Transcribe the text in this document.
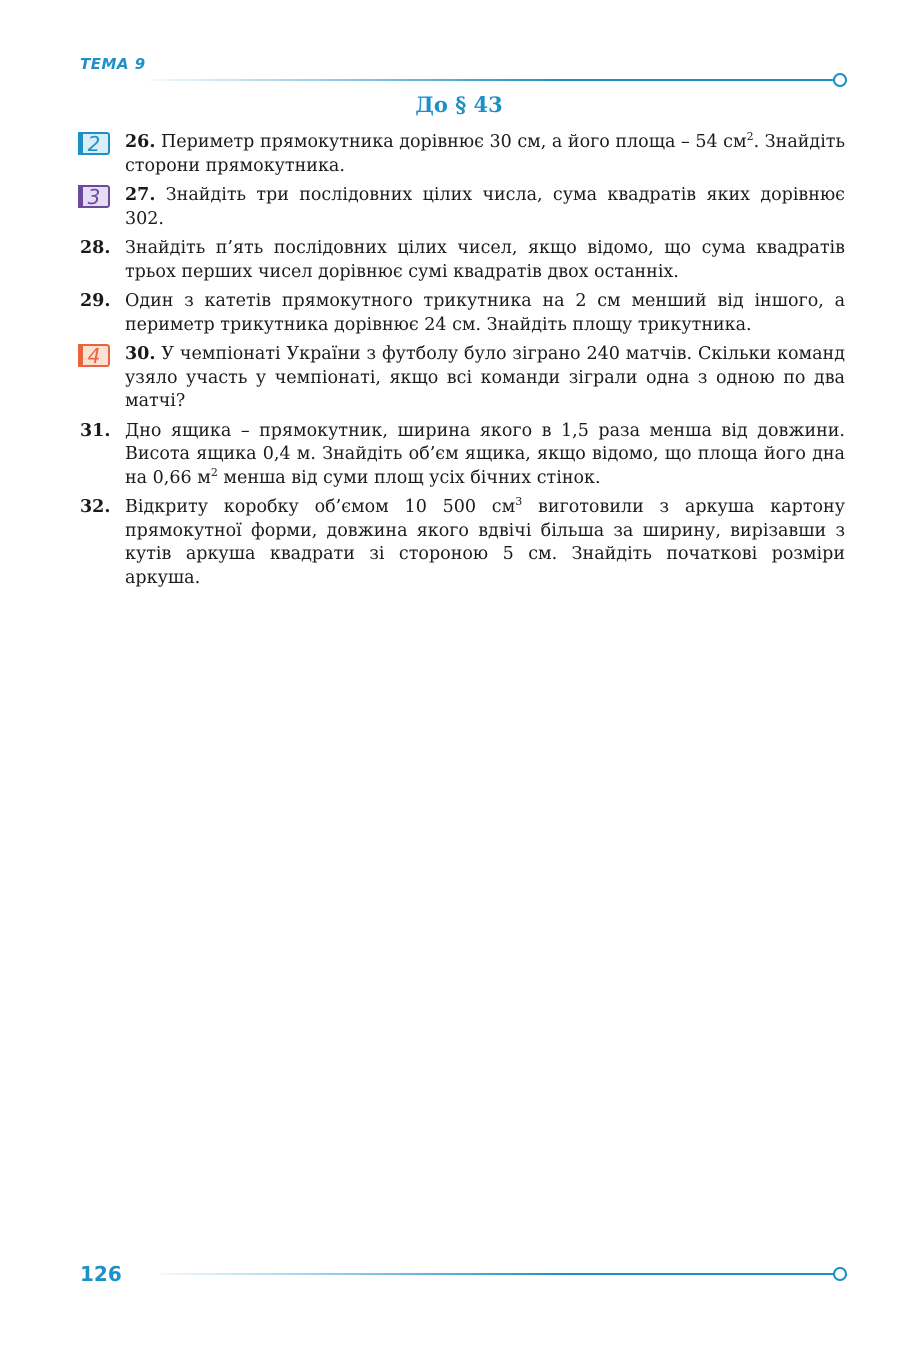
ТЕМА 9
До § 43
2	26. Периметр прямокутника дорівнює 30 см, а його площа – 54 $см^2$. Знайдіть сторони прямокутника.
3	27. Знайдіть три послідовних цілих числа, сума квадратів яких дорівнює 302.
28. Знайдіть п’ять послідовних цілих чисел, якщо відомо, що сума квадратів трьох перших чисел дорівнює сумі квадратів двох останніх.
29. Один з катетів прямокутного трикутника на 2 см менший від іншого, а периметр трикутника дорівнює 24 см. Знайдіть площу трикутника.
4	30. У чемпіонаті України з футболу було зіграно 240 матчів. Скільки команд узяло участь у чемпіонаті, якщо всі команди зіграли одна з одною по два матчі?
31. Дно ящика – прямокутник, ширина якого в 1,5 раза менша від довжини. Висота ящика 0,4 м. Знайдіть об’єм ящика, якщо відомо, що площа його дна на 0,66 $м^2$ менша від суми площ усіх бічних стінок.
32. Відкриту коробку об’ємом 10 500 $см^3$ виготовили з аркуша картону прямокутної форми, довжина якого вдвічі більша за ширину, вирізавши з кутів аркуша квадрати зі стороною 5 см. Знайдіть початкові розміри аркуша.
126
